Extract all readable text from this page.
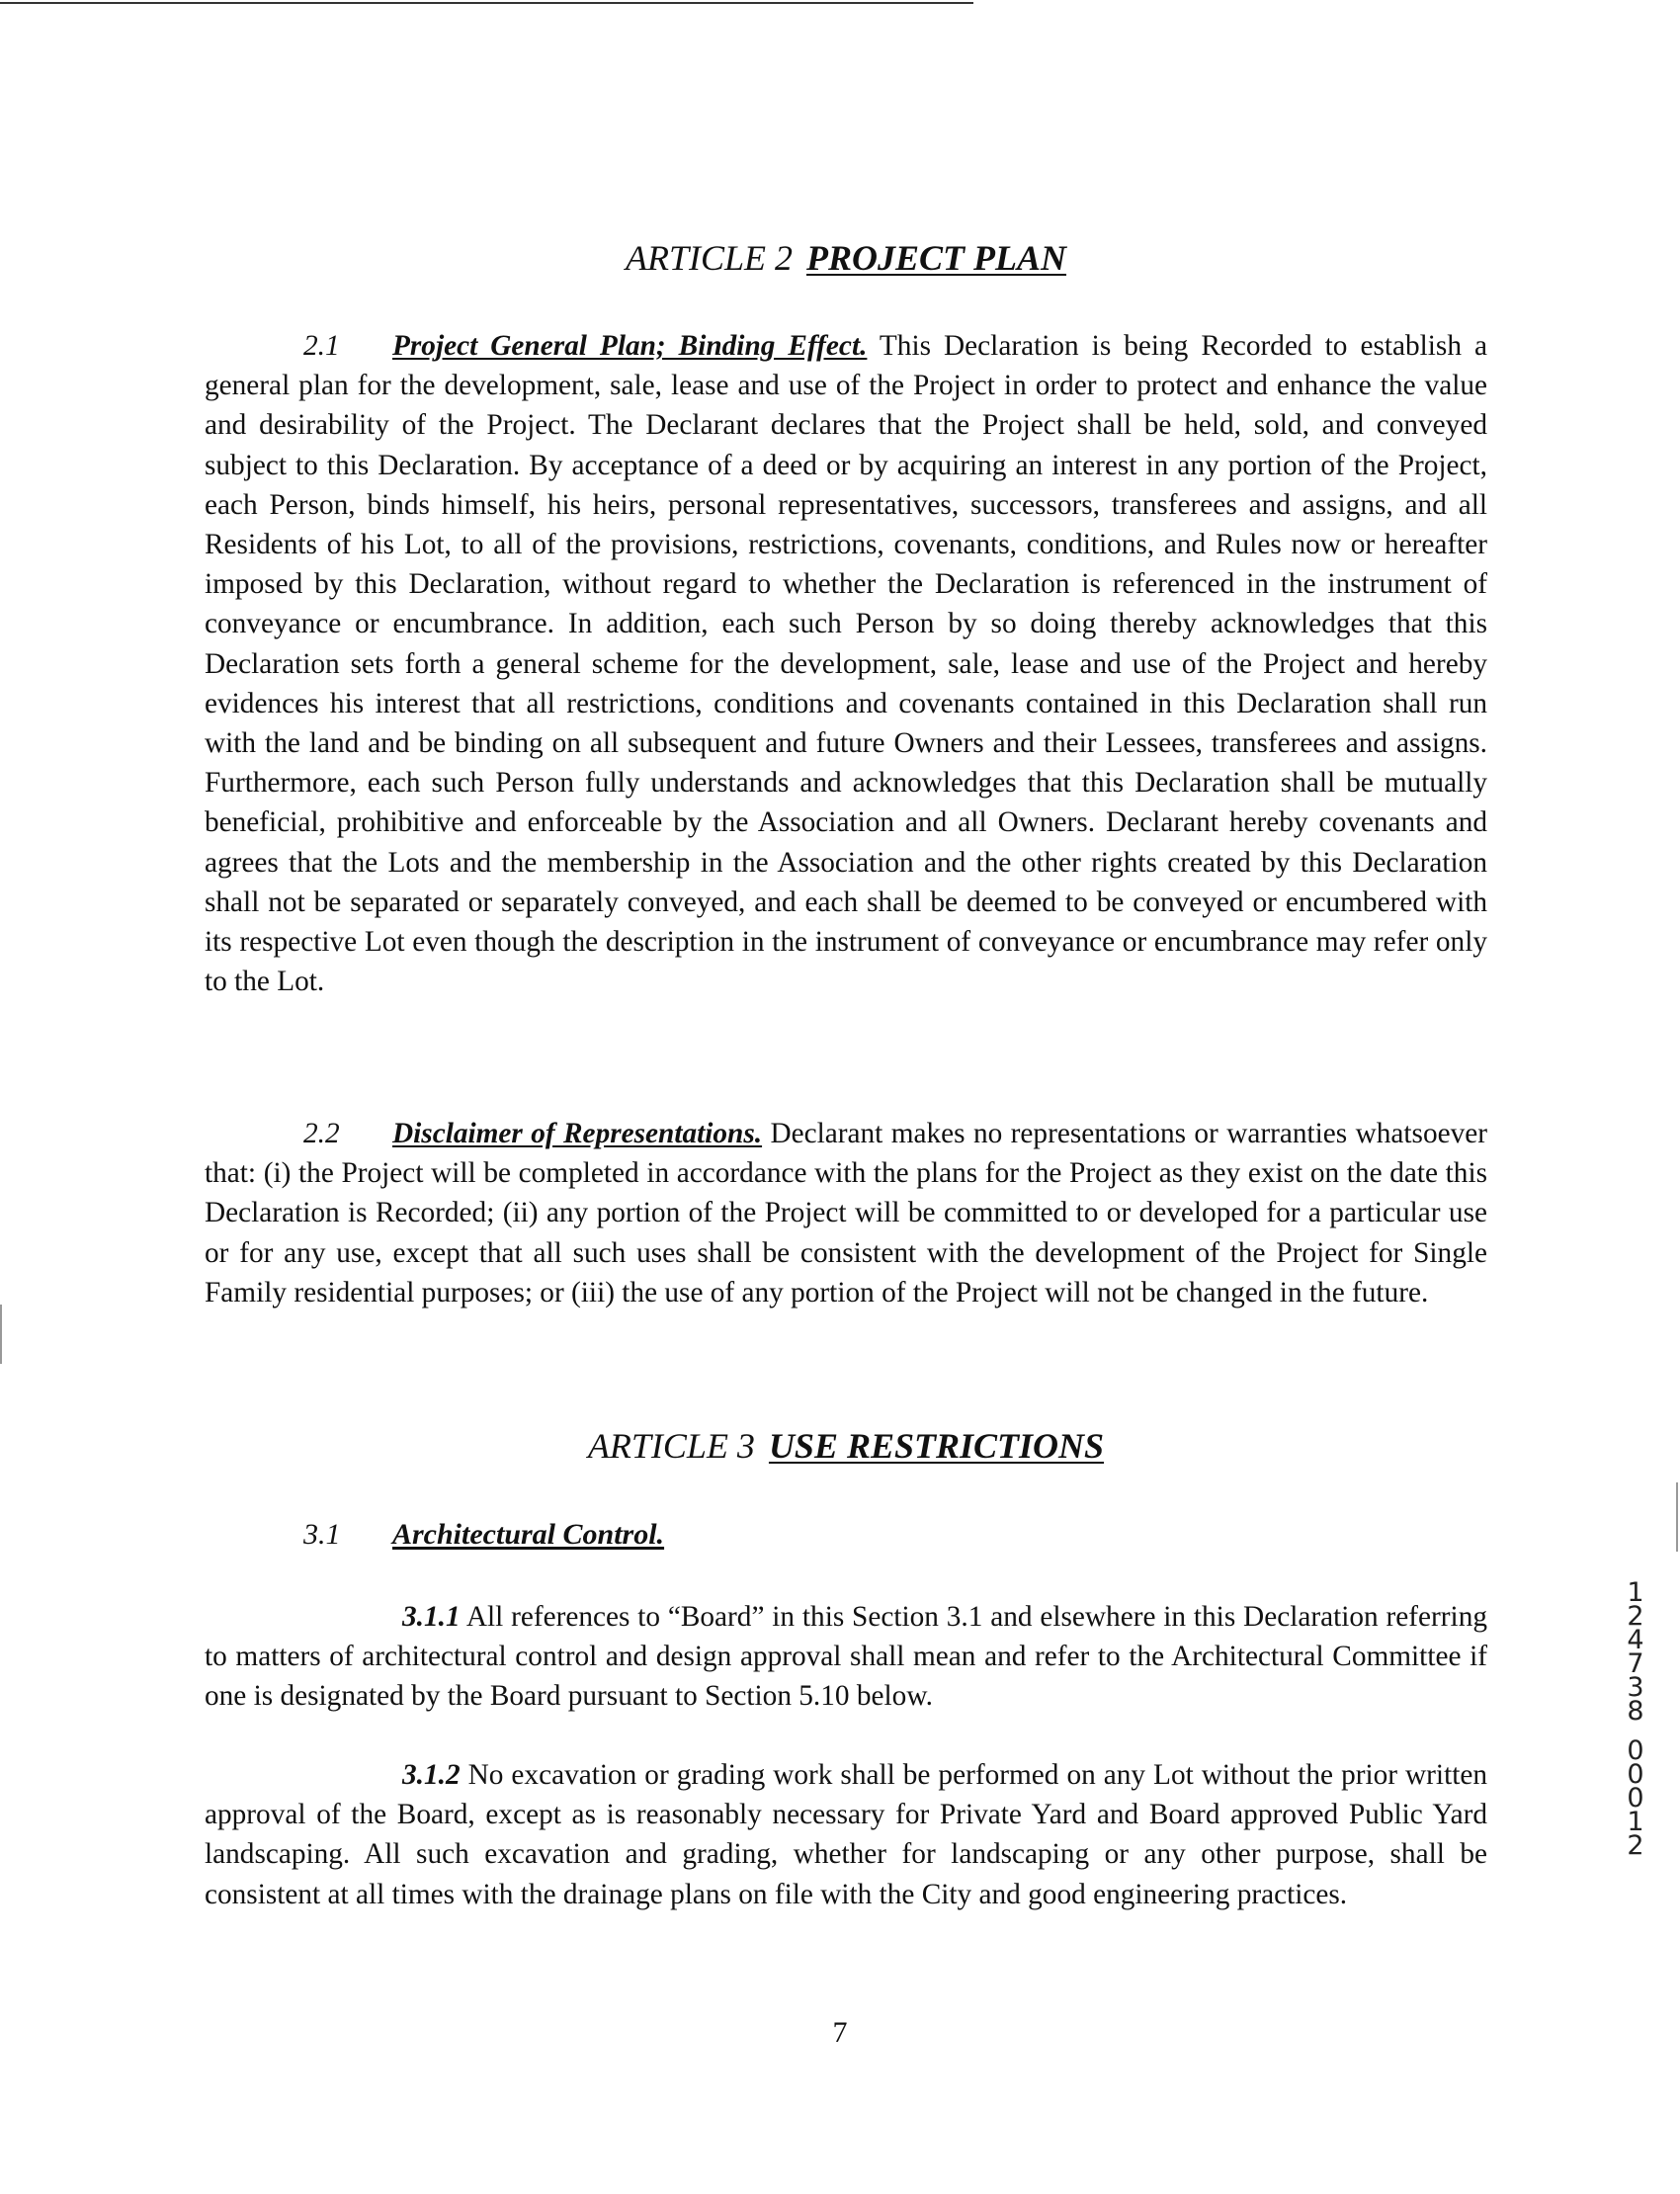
ARTICLE 2 PROJECT PLAN

2.1 Project General Plan; Binding Effect. This Declaration is being Recorded to establish a general plan for the development, sale, lease and use of the Project in order to protect and enhance the value and desirability of the Project. The Declarant declares that the Project shall be held, sold, and conveyed subject to this Declaration. By acceptance of a deed or by acquiring an interest in any portion of the Project, each Person, binds himself, his heirs, personal representatives, successors, transferees and assigns, and all Residents of his Lot, to all of the provisions, restrictions, covenants, conditions, and Rules now or hereafter imposed by this Declaration, without regard to whether the Declaration is referenced in the instrument of conveyance or encumbrance. In addition, each such Person by so doing thereby acknowledges that this Declaration sets forth a general scheme for the development, sale, lease and use of the Project and hereby evidences his interest that all restrictions, conditions and covenants contained in this Declaration shall run with the land and be binding on all subsequent and future Owners and their Lessees, transferees and assigns. Furthermore, each such Person fully understands and acknowledges that this Declaration shall be mutually beneficial, prohibitive and enforceable by the Association and all Owners. Declarant hereby covenants and agrees that the Lots and the membership in the Association and the other rights created by this Declaration shall not be separated or separately conveyed, and each shall be deemed to be conveyed or encumbered with its respective Lot even though the description in the instrument of conveyance or encumbrance may refer only to the Lot.

2.2 Disclaimer of Representations. Declarant makes no representations or warranties whatsoever that: (i) the Project will be completed in accordance with the plans for the Project as they exist on the date this Declaration is Recorded; (ii) any portion of the Project will be committed to or developed for a particular use or for any use, except that all such uses shall be consistent with the development of the Project for Single Family residential purposes; or (iii) the use of any portion of the Project will not be changed in the future.

ARTICLE 3 USE RESTRICTIONS

3.1 Architectural Control.

3.1.1 All references to “Board” in this Section 3.1 and elsewhere in this Declaration referring to matters of architectural control and design approval shall mean and refer to the Architectural Committee if one is designated by the Board pursuant to Section 5.10 below.

3.1.2 No excavation or grading work shall be performed on any Lot without the prior written approval of the Board, except as is reasonably necessary for Private Yard and Board approved Public Yard landscaping. All such excavation and grading, whether for landscaping or any other purpose, shall be consistent at all times with the drainage plans on file with the City and good engineering practices.

7
124738
00012
